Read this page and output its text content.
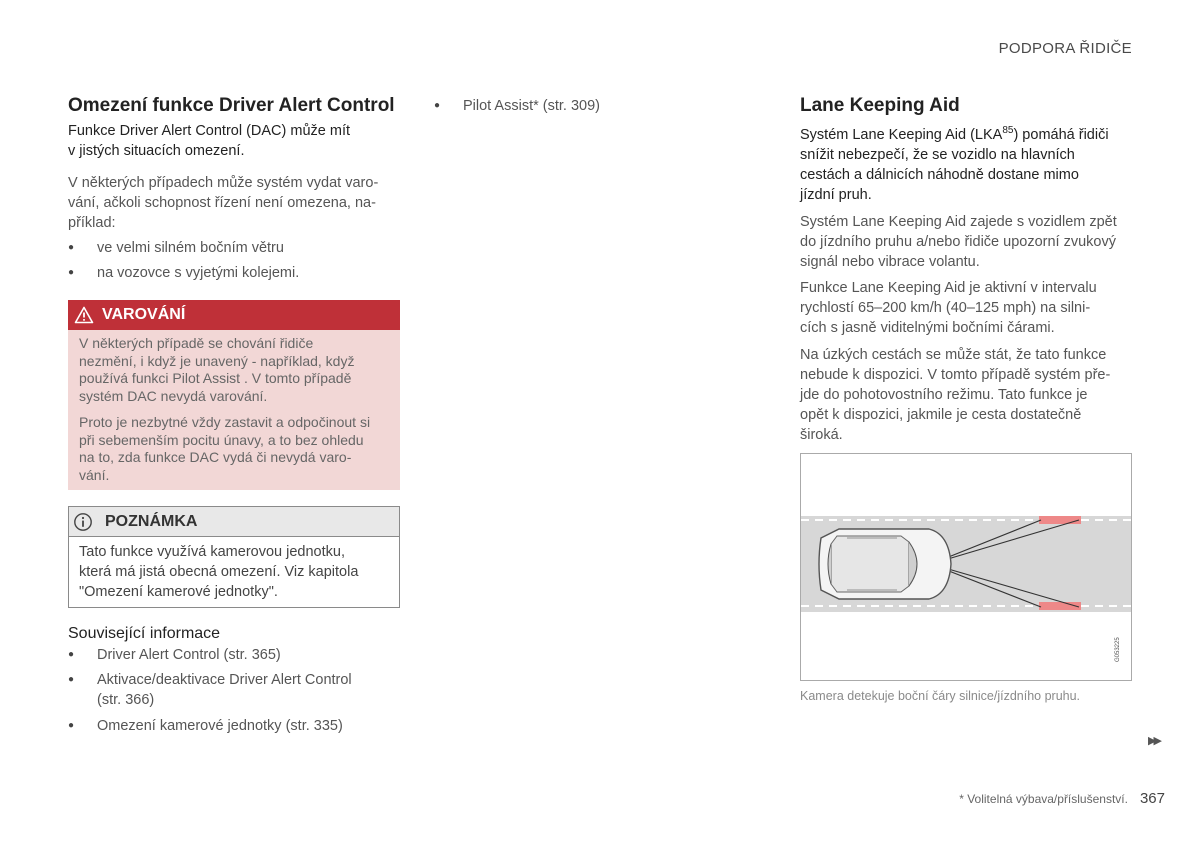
PODPORA ŘIDIČE
Omezení funkce Driver Alert Control
Funkce Driver Alert Control (DAC) může mít
v jistých situacích omezení.
V některých případech může systém vydat varo-
vání, ačkoli schopnost řízení není omezena, na-
příklad:
● ve velmi silném bočním větru
● na vozovce s vyjetými kolejemi.
VAROVÁNÍ

V některých případě se chování řidiče
nezmění, i když je unavený - například, když
používá funkci Pilot Assist . V tomto případě
systém DAC nevydá varování.

Proto je nezbytné vždy zastavit a odpočinout si
při sebemenším pocitu únavy, a to bez ohledu
na to, zda funkce DAC vydá či nevydá varo-
vání.

POZNÁMKA
Tato funkce využívá kamerovou jednotku,
která má jistá obecná omezení. Viz kapitola
"Omezení kamerové jednotky".
Související informace
● Driver Alert Control (str. 365)
● Aktivace/deaktivace Driver Alert Control
(str. 366)
● Omezení kamerové jednotky (str. 335)
● Pilot Assist* (str. 309)	Lane Keeping Aid
Systém Lane Keeping Aid (LKA$^{85}$) pomáhá řidiči
snížit nebezpečí, že se vozidlo na hlavních
cestách a dálnicích náhodně dostane mimo
jízdní pruh.
Systém Lane Keeping Aid zajede s vozidlem zpět
do jízdního pruhu a/nebo řidiče upozorní zvukový
signál nebo vibrace volantu.
Funkce Lane Keeping Aid je aktivní v intervalu
rychlostí 65–200 km/h (40–125 mph) na silni-
cích s jasně viditelnými bočními čárami.
Na úzkých cestách se může stát, že tato funkce
nebude k dispozici. V tomto případě systém pře-
jde do pohotovostního režimu. Tato funkce je
opět k dispozici, jakmile je cesta dostatečně
široká.
G053225
Kamera detekuje boční čáry silnice/jízdního pruhu.
▶▶
* Volitelná výbava/příslušenství. 367
